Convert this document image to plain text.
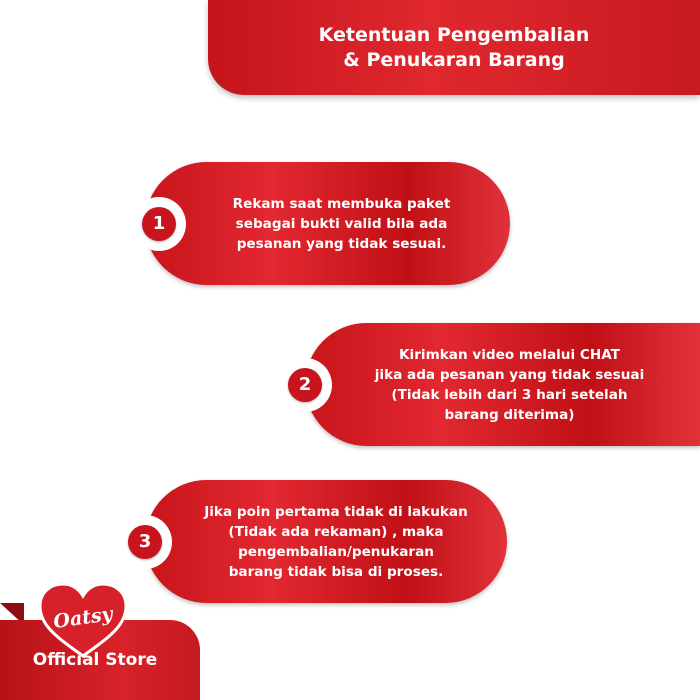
Ketentuan Pengembalian
& Penukaran Barang
1
Rekam saat membuka paket
sebagai bukti valid bila ada
pesanan yang tidak sesuai.
2
Kirimkan video melalui CHAT
jika ada pesanan yang tidak sesuai
(Tidak lebih dari 3 hari setelah
barang diterima)
3
Jika poin pertama tidak di lakukan
(Tidak ada rekaman) , maka
pengembalian/penukaran
barang tidak bisa di proses.
Oatsy
Official Store
